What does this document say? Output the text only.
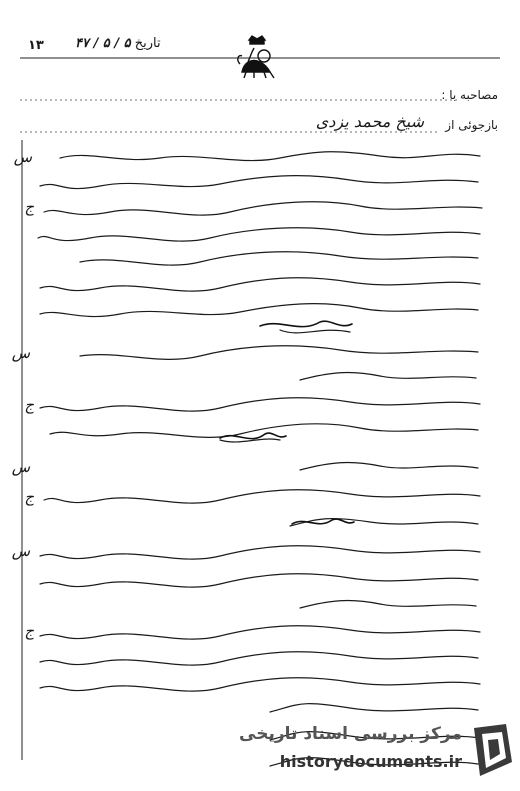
۱۳	تاریخ ۵ / ۵ / ۴۷
مصاحبه با :
بازجوئی از
شیخ محمد یزدی
س
ج
س
ج
س
ج
س
ج
مرکز بررسی اسناد تاریخی
historydocuments.ir
